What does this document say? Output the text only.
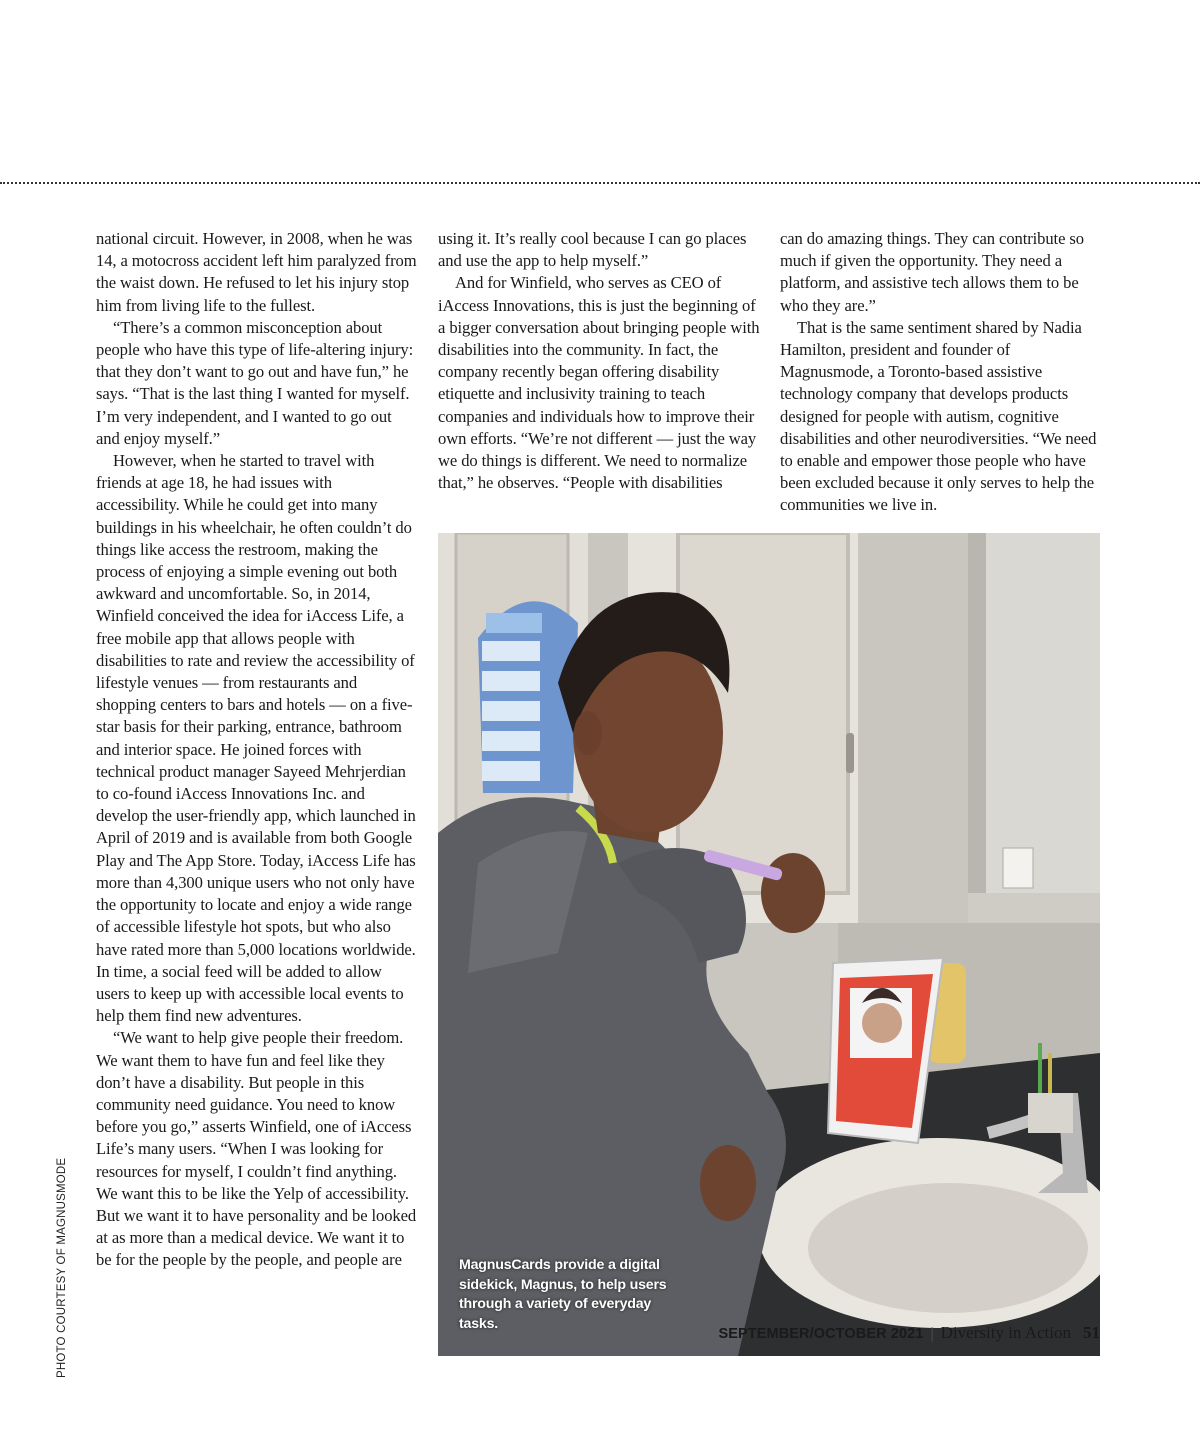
national circuit. However, in 2008, when he was 14, a motocross accident left him paralyzed from the waist down. He refused to let his injury stop him from living life to the fullest.

“There’s a common misconception about people who have this type of life-altering injury: that they don’t want to go out and have fun,” he says. “That is the last thing I wanted for myself. I’m very independent, and I wanted to go out and enjoy myself.”

However, when he started to travel with friends at age 18, he had issues with accessibility. While he could get into many buildings in his wheelchair, he often couldn’t do things like access the restroom, making the process of enjoying a simple evening out both awkward and uncomfortable. So, in 2014, Winfield conceived the idea for iAccess Life, a free mobile app that allows people with disabilities to rate and review the accessibility of lifestyle venues — from restaurants and shopping centers to bars and hotels — on a five-star basis for their parking, entrance, bathroom and interior space. He joined forces with technical product manager Sayeed Mehrjerdian to co-found iAccess Innovations Inc. and develop the user-friendly app, which launched in April of 2019 and is available from both Google Play and The App Store. Today, iAccess Life has more than 4,300 unique users who not only have the opportunity to locate and enjoy a wide range of accessible lifestyle hot spots, but who also have rated more than 5,000 locations worldwide. In time, a social feed will be added to allow users to keep up with accessible local events to help them find new adventures.

“We want to help give people their freedom. We want them to have fun and feel like they don’t have a disability. But people in this community need guidance. You need to know before you go,” asserts Winfield, one of iAccess Life’s many users. “When I was looking for resources for myself, I couldn’t find anything. We want this to be like the Yelp of accessibility. But we want it to have personality and be looked at as more than a medical device. We want it to be for the people by the people, and people are

using it. It’s really cool because I can go places and use the app to help myself.”

And for Winfield, who serves as CEO of iAccess Innovations, this is just the beginning of a bigger conversation about bringing people with disabilities into the community. In fact, the company recently began offering disability etiquette and inclusivity training to teach companies and individuals how to improve their own efforts. “We’re not different — just the way we do things is different. We need to normalize that,” he observes. “People with disabilities

can do amazing things. They can contribute so much if given the opportunity. They need a platform, and assistive tech allows them to be who they are.”

That is the same sentiment shared by Nadia Hamilton, president and founder of Magnusmode, a Toronto-based assistive technology company that develops products designed for people with autism, cognitive disabilities and other neurodiversities. “We need to enable and empower those people who have been excluded because it only serves to help the communities we live in.

PHOTO COURTESY OF MAGNUSMODE	MagnusCards provide a digital sidekick, Magnus, to help users through a variety of everyday tasks.
SEPTEMBER/OCTOBER 2021 | Diversity in Action 51
